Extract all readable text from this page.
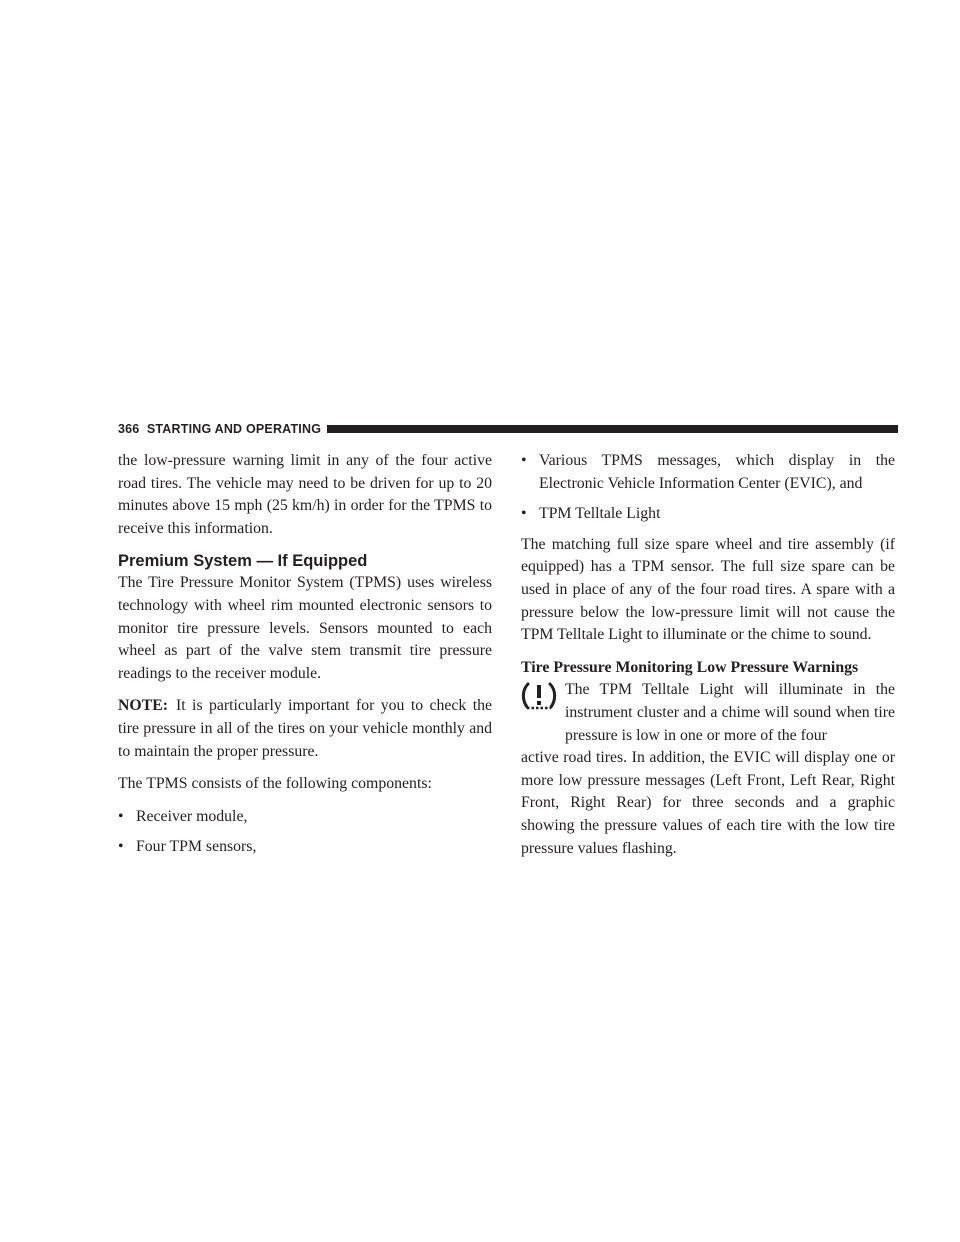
366 STARTING AND OPERATING

the low-pressure warning limit in any of the four active road tires. The vehicle may need to be driven for up to 20 minutes above 15 mph (25 km/h) in order for the TPMS to receive this information.

Premium System — If Equipped

The Tire Pressure Monitor System (TPMS) uses wireless technology with wheel rim mounted electronic sensors to monitor tire pressure levels. Sensors mounted to each wheel as part of the valve stem transmit tire pressure readings to the receiver module.

NOTE: It is particularly important for you to check the tire pressure in all of the tires on your vehicle monthly and to maintain the proper pressure.

The TPMS consists of the following components:

• Receiver module,
• Four TPM sensors,
• Various TPMS messages, which display in the Electronic Vehicle Information Center (EVIC), and
• TPM Telltale Light

The matching full size spare wheel and tire assembly (if equipped) has a TPM sensor. The full size spare can be used in place of any of the four road tires. A spare with a pressure below the low-pressure limit will not cause the TPM Telltale Light to illuminate or the chime to sound.

Tire Pressure Monitoring Low Pressure Warnings

The TPM Telltale Light will illuminate in the instrument cluster and a chime will sound when tire pressure is low in one or more of the four

active road tires. In addition, the EVIC will display one or more low pressure messages (Left Front, Left Rear, Right Front, Right Rear) for three seconds and a graphic showing the pressure values of each tire with the low tire pressure values flashing.
